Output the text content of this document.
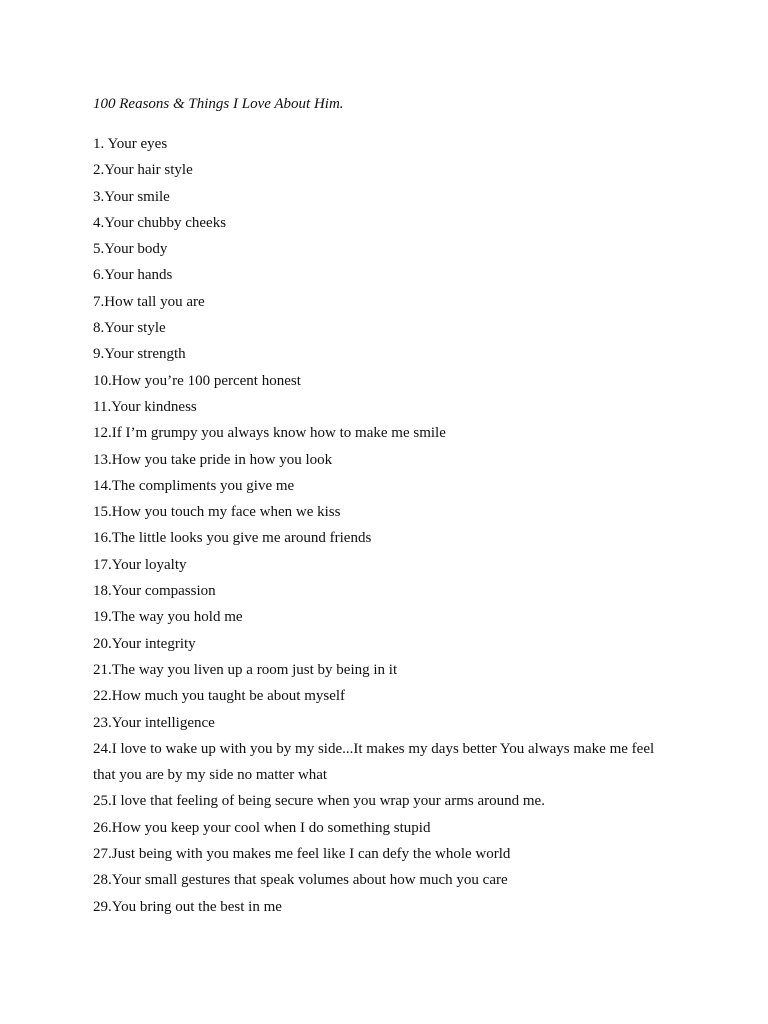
100 Reasons & Things I Love About Him.
1. Your eyes
2.Your hair style
3.Your smile
4.Your chubby cheeks
5.Your body
6.Your hands
7.How tall you are
8.Your style
9.Your strength
10.How you’re 100 percent honest
11.Your kindness
12.If I’m grumpy you always know how to make me smile
13.How you take pride in how you look
14.The compliments you give me
15.How you touch my face when we kiss
16.The little looks you give me around friends
17.Your loyalty
18.Your compassion
19.The way you hold me
20.Your integrity
21.The way you liven up a room just by being in it
22.How much you taught be about myself
23.Your intelligence
24.I love to wake up with you by my side...It makes my days better You always make me feel
that you are by my side no matter what
25.I love that feeling of being secure when you wrap your arms around me.
26.How you keep your cool when I do something stupid
27.Just being with you makes me feel like I can defy the whole world
28.Your small gestures that speak volumes about how much you care
29.You bring out the best in me
